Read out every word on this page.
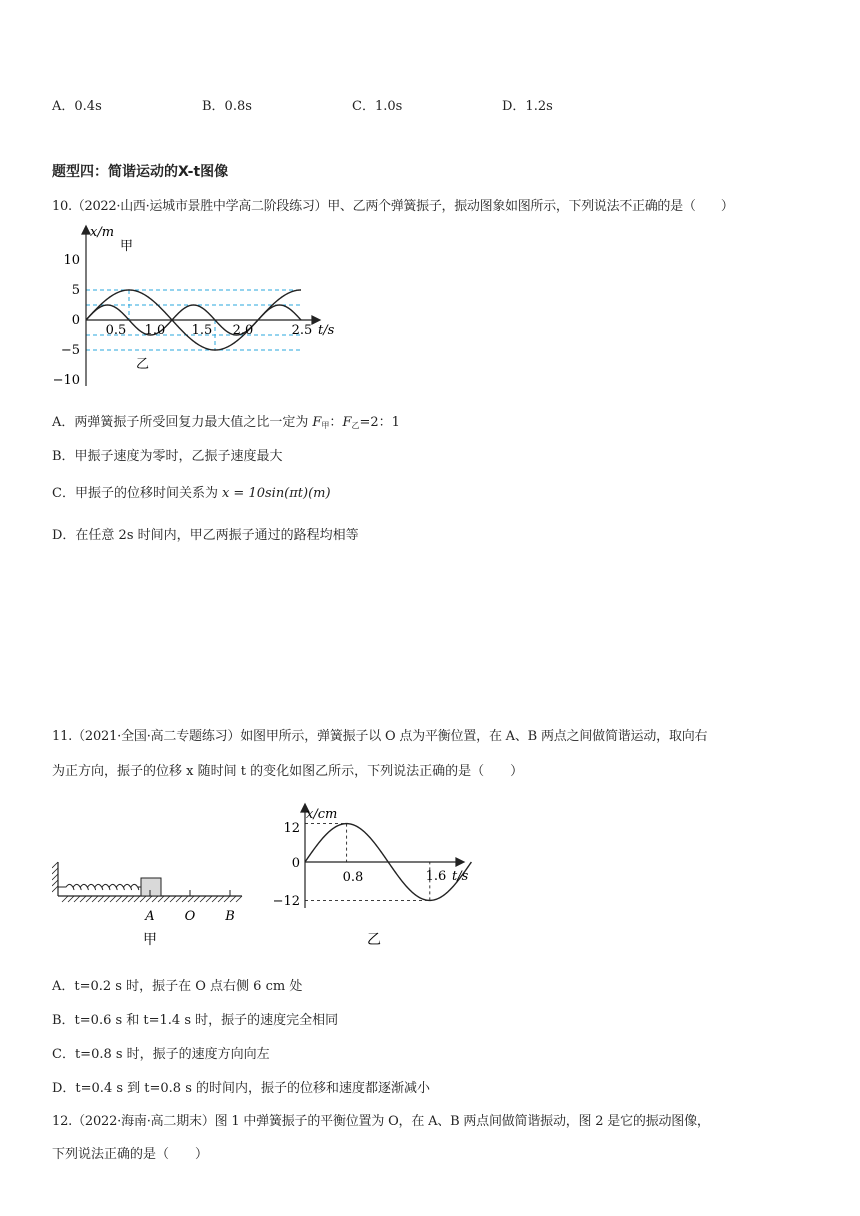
A．0.4s	B．0.8s	C．1.0s	D．1.2s
题型四：简谐运动的X-t图像
10.（2022·山西·运城市景胜中学高二阶段练习）甲、乙两个弹簧振子，振动图象如图所示，下列说法不正确的是（　　）
x/m
t/s
甲
乙
10
5
0
−5
−10
0.5 1.0 1.5 2.0	2.5
A．两弹簧振子所受回复力最大值之比一定为 $F_甲$：$F_乙=2$：1
B．甲振子速度为零时，乙振子速度最大
C．甲振子的位移时间关系为 x = 10sin(πt)(m)
D．在任意 2s 时间内，甲乙两振子通过的路程均相等
11.（2021·全国·高二专题练习）如图甲所示，弹簧振子以 O 点为平衡位置，在 A、B 两点之间做简谐运动，取向右
为正方向，振子的位移 x 随时间 t 的变化如图乙所示，下列说法正确的是（　　）
A O B
甲
x/cm
t/s
12
0
−12
0.8	1.6
乙
A．t=0.2 s 时，振子在 O 点右侧 6 cm 处
B．t=0.6 s 和 t=1.4 s 时，振子的速度完全相同
C．t=0.8 s 时，振子的速度方向向左
D．t=0.4 s 到 t=0.8 s 的时间内，振子的位移和速度都逐渐减小
12.（2022·海南·高二期末）图 1 中弹簧振子的平衡位置为 O，在 A、B 两点间做简谐振动，图 2 是它的振动图像，
下列说法正确的是（　　）
